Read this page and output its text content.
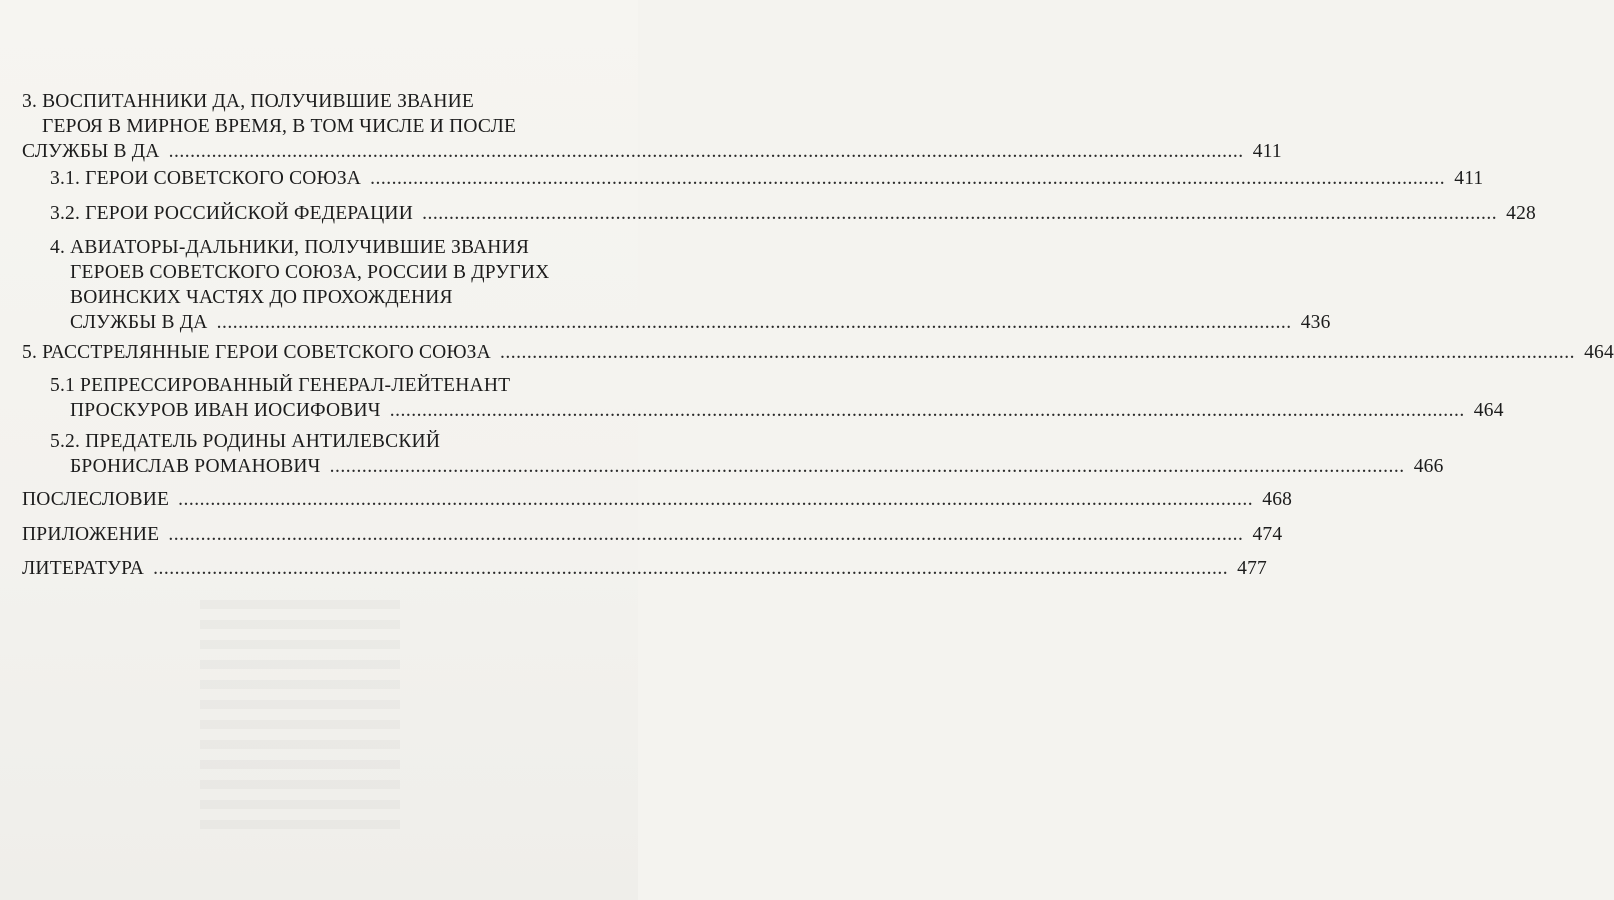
3. ВОСПИТАННИКИ ДА, ПОЛУЧИВШИЕ ЗВАНИЕ
ГЕРОЯ В МИРНОЕ ВРЕМЯ, В ТОМ ЧИСЛЕ И ПОСЛЕ
СЛУЖБЫ В ДА .....	411
3.1. ГЕРОИ СОВЕТСКОГО СОЮЗА .....	411
3.2. ГЕРОИ РОССИЙСКОЙ ФЕДЕРАЦИИ .....	428
4. АВИАТОРЫ-ДАЛЬНИКИ, ПОЛУЧИВШИЕ ЗВАНИЯ
ГЕРОЕВ СОВЕТСКОГО СОЮЗА, РОССИИ В ДРУГИХ
ВОИНСКИХ ЧАСТЯХ ДО ПРОХОЖДЕНИЯ
СЛУЖБЫ В ДА .....	436
5. РАССТРЕЛЯННЫЕ ГЕРОИ СОВЕТСКОГО СОЮЗА .....	464
5.1 РЕПРЕССИРОВАННЫЙ ГЕНЕРАЛ-ЛЕЙТЕНАНТ
ПРОСКУРОВ ИВАН ИОСИФОВИЧ .....	464
5.2. ПРЕДАТЕЛЬ РОДИНЫ АНТИЛЕВСКИЙ
БРОНИСЛАВ РОМАНОВИЧ .....	466
ПОСЛЕСЛОВИЕ .....	468
ПРИЛОЖЕНИЕ .....	474
ЛИТЕРАТУРА .....	477
